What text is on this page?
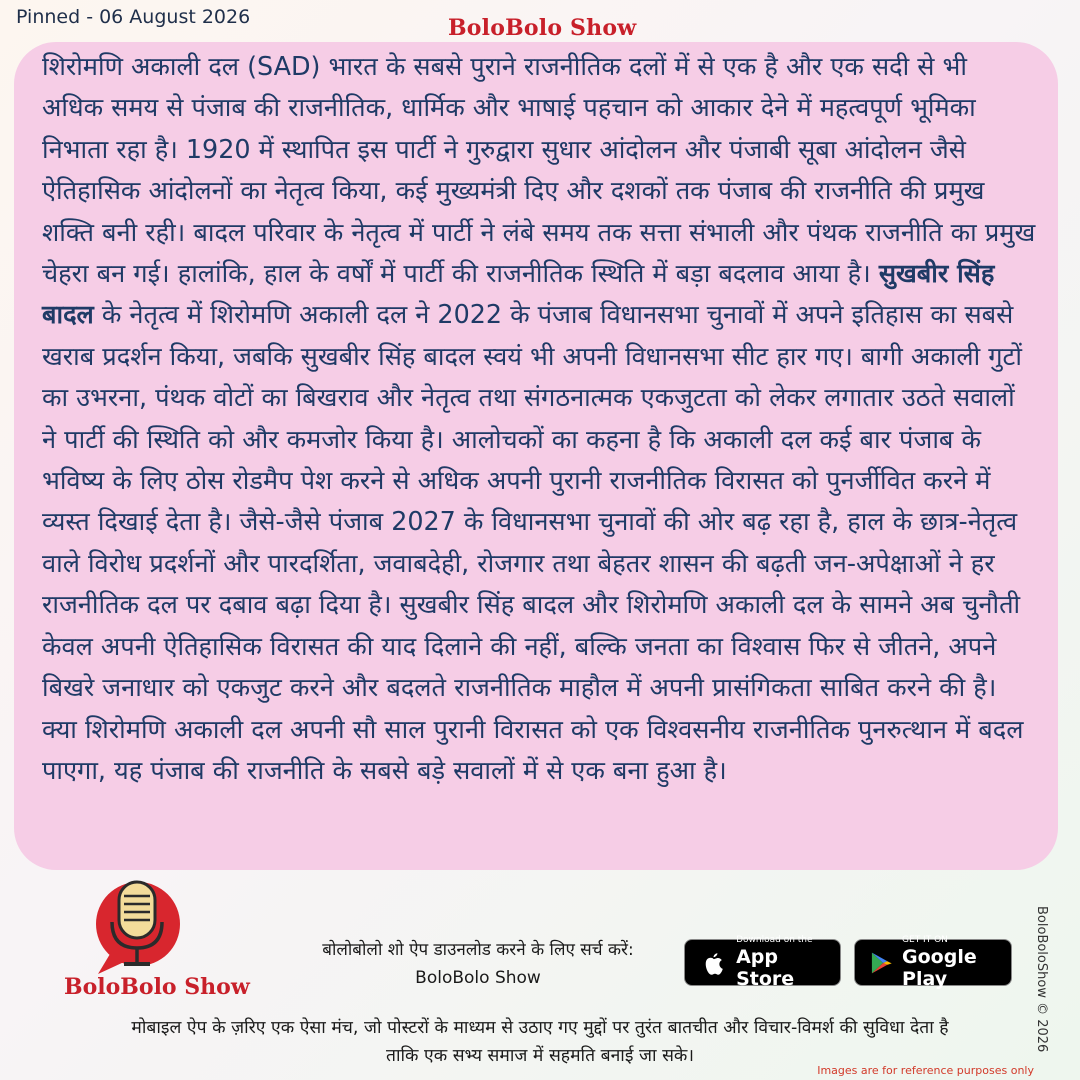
Pinned - 06 August 2026	BoloBolo Show

शिरोमणि अकाली दल (SAD) भारत के सबसे पुराने राजनीतिक दलों में से एक है और एक सदी से भी अधिक समय से पंजाब की राजनीतिक, धार्मिक और भाषाई पहचान को आकार देने में महत्वपूर्ण भूमिका निभाता रहा है। 1920 में स्थापित इस पार्टी ने गुरुद्वारा सुधार आंदोलन और पंजाबी सूबा आंदोलन जैसे ऐतिहासिक आंदोलनों का नेतृत्व किया, कई मुख्यमंत्री दिए और दशकों तक पंजाब की राजनीति की प्रमुख शक्ति बनी रही। बादल परिवार के नेतृत्व में पार्टी ने लंबे समय तक सत्ता संभाली और पंथक राजनीति का प्रमुख चेहरा बन गई। हालांकि, हाल के वर्षों में पार्टी की राजनीतिक स्थिति में बड़ा बदलाव आया है। सुखबीर सिंह बादल के नेतृत्व में शिरोमणि अकाली दल ने 2022 के पंजाब विधानसभा चुनावों में अपने इतिहास का सबसे खराब प्रदर्शन किया, जबकि सुखबीर सिंह बादल स्वयं भी अपनी विधानसभा सीट हार गए। बागी अकाली गुटों का उभरना, पंथक वोटों का बिखराव और नेतृत्व तथा संगठनात्मक एकजुटता को लेकर लगातार उठते सवालों ने पार्टी की स्थिति को और कमजोर किया है। आलोचकों का कहना है कि अकाली दल कई बार पंजाब के भविष्य के लिए ठोस रोडमैप पेश करने से अधिक अपनी पुरानी राजनीतिक विरासत को पुनर्जीवित करने में व्यस्त दिखाई देता है। जैसे-जैसे पंजाब 2027 के विधानसभा चुनावों की ओर बढ़ रहा है, हाल के छात्र-नेतृत्व वाले विरोध प्रदर्शनों और पारदर्शिता, जवाबदेही, रोजगार तथा बेहतर शासन की बढ़ती जन-अपेक्षाओं ने हर राजनीतिक दल पर दबाव बढ़ा दिया है। सुखबीर सिंह बादल और शिरोमणि अकाली दल के सामने अब चुनौती केवल अपनी ऐतिहासिक विरासत की याद दिलाने की नहीं, बल्कि जनता का विश्वास फिर से जीतने, अपने बिखरे जनाधार को एकजुट करने और बदलते राजनीतिक माहौल में अपनी प्रासंगिकता साबित करने की है। क्या शिरोमणि अकाली दल अपनी सौ साल पुरानी विरासत को एक विश्वसनीय राजनीतिक पुनरुत्थान में बदल पाएगा, यह पंजाब की राजनीति के सबसे बड़े सवालों में से एक बना हुआ है।

BoloBolo Show
बोलोबोलो शो ऐप डाउनलोड करने के लिए सर्च करें:
BoloBolo Show
Download on the
App Store
GET IT ON
Google Play	BoloBoloShow © 2026
मोबाइल ऐप के ज़रिए एक ऐसा मंच, जो पोस्टरों के माध्यम से उठाए गए मुद्दों पर तुरंत बातचीत और विचार-विमर्श की सुविधा देता है
ताकि एक सभ्य समाज में सहमति बनाई जा सके।
Images are for reference purposes only
